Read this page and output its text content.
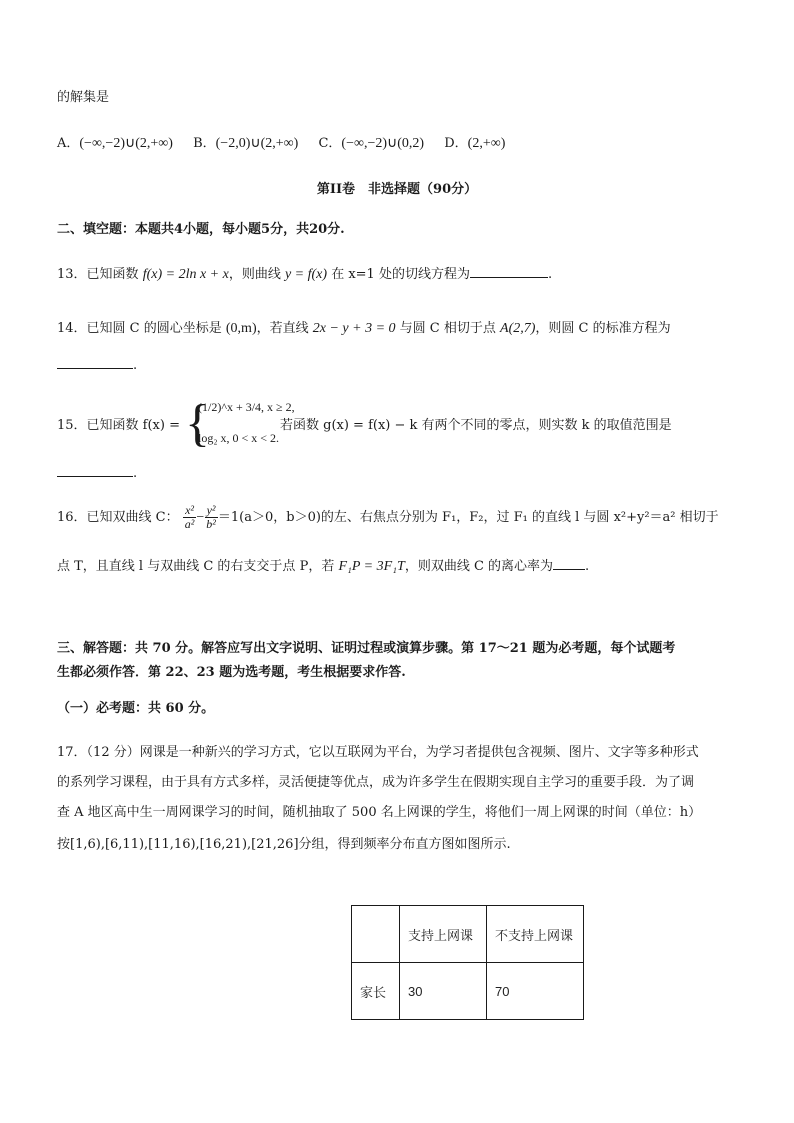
的解集是
A．(−∞,−2)∪(2,+∞) B．(−2,0)∪(2,+∞) C．(−∞,−2)∪(0,2) D．(2,+∞)
第II卷　非选择题（90分）
二、填空题：本题共4小题，每小题5分，共20分.
13．已知函数 f(x) = 2ln x + x，则曲线 y = f(x) 在 x=1 处的切线方程为	.
14．已知圆 C 的圆心坐标是 (0,m)，若直线 2x − y + 3 = 0 与圆 C 相切于点 A(2,7)，则圆 C 的标准方程为
.
15．已知函数 f(x) = {
(1/2)^x + 3/4, x ≥ 2,
log₂ x, 0 < x < 2.
若函数 g(x) = f(x) − k 有两个不同的零点，则实数 k 的取值范围是
.
16．已知双曲线 C： $\frac{\text{x²}}{\text{a²}} - \frac{\text{y²}}{\text{b²}} =1(a>0$，b＞0)的左、右焦点分别为 F₁，F₂，过 F₁ 的直线 l 与圆 x²+y²＝a² 相切于
点 T，且直线 l 与双曲线 C 的右支交于点 P，若 F₁P = 3F₁T，则双曲线 C 的离心率为 .
三、解答题：共 70 分。解答应写出文字说明、证明过程或演算步骤。第 17～21 题为必考题，每个试题考
生都必须作答．第 22、23 题为选考题，考生根据要求作答.
（一）必考题：共 60 分。
17．（12 分）网课是一种新兴的学习方式，它以互联网为平台，为学习者提供包含视频、图片、文字等多种形式
的系列学习课程，由于具有方式多样，灵活便捷等优点，成为许多学生在假期实现自主学习的重要手段．为了调
查 A 地区高中生一周网课学习的时间，随机抽取了 500 名上网课的学生，将他们一周上网课的时间（单位：h）
按[1,6),[6,11),[11,16),[16,21),[21,26]分组，得到频率分布直方图如图所示.
	支持上网课	不支持上网课
家长	30	70
